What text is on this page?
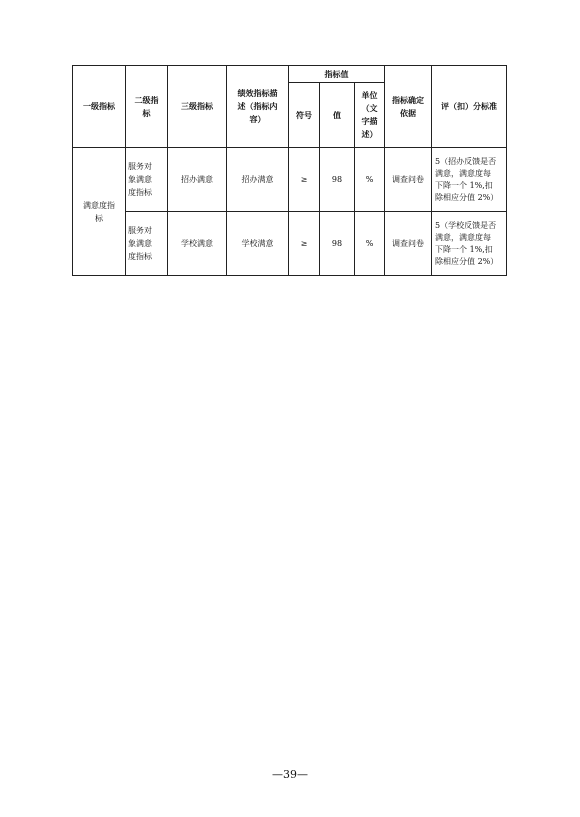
一级指标	二级指
标	三级指标	绩效指标描
述（指标内
容）	指标值			指标确定
依据	评（扣）分标准
				符号	值	单位
（文
字描
述）		
满意度指
标	服务对
象满意
度指标	招办满意	招办满意	≥	98	%	调查问卷	5（招办反馈是否
满意，满意度每
下降一个 1%,扣
除相应分值 2%）
	服务对
象满意
度指标	学校满意	学校满意	≥	98	%	调查问卷	5（学校反馈是否
满意，满意度每
下降一个 1%,扣
除相应分值 2%）
—39—
